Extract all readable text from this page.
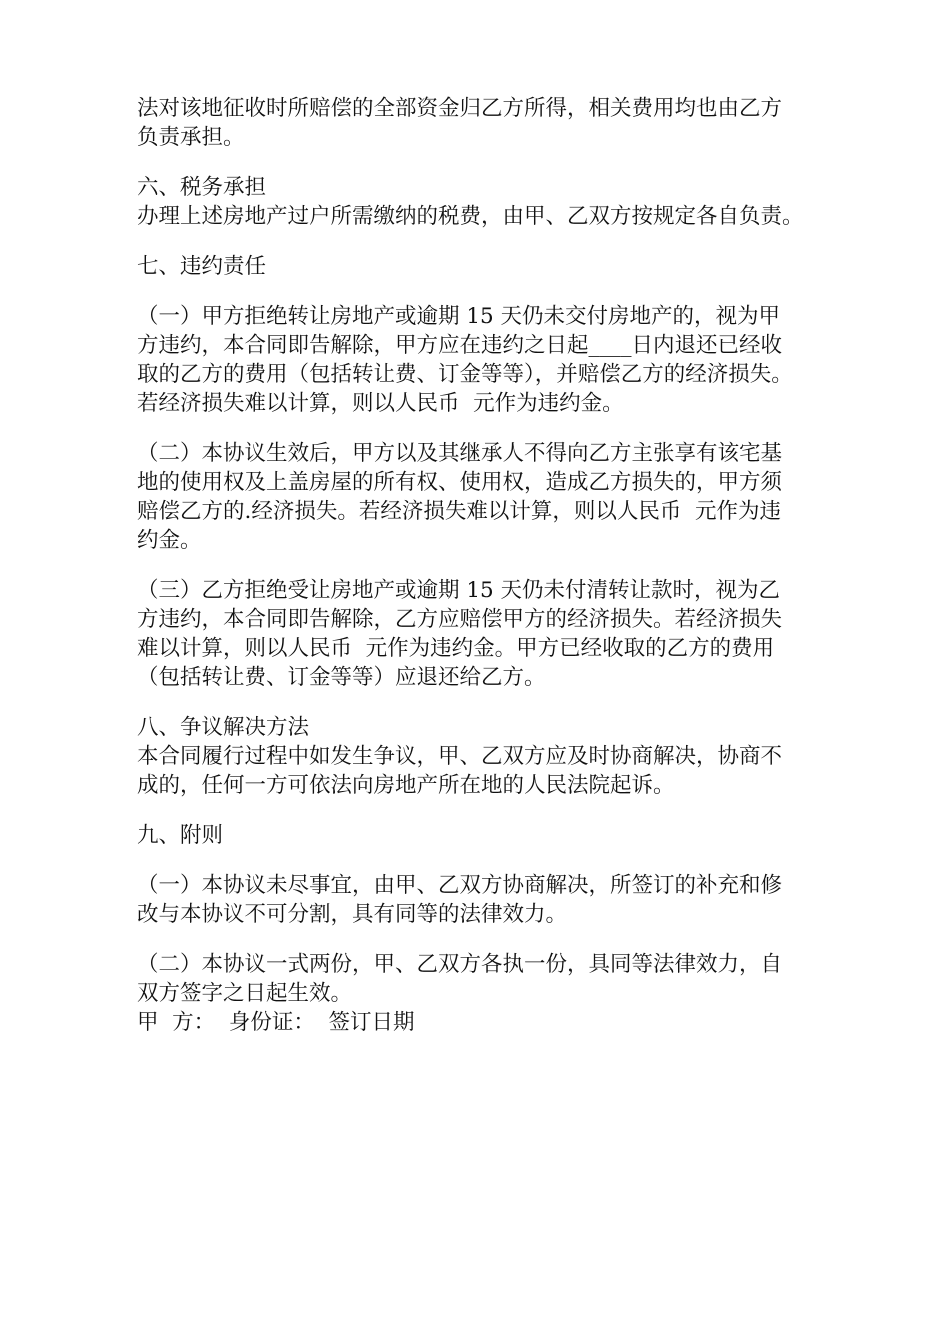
法对该地征收时所赔偿的全部资金归乙方所得，相关费用均也由乙方
负责承担。
六、税务承担
办理上述房地产过户所需缴纳的税费，由甲、乙双方按规定各自负责。
七、违约责任
（一）甲方拒绝转让房地产或逾期 15 天仍未交付房地产的，视为甲
方违约，本合同即告解除，甲方应在违约之日起____日内退还已经收
取的乙方的费用（包括转让费、订金等等），并赔偿乙方的经济损失。
若经济损失难以计算，则以人民币  元作为违约金。
（二）本协议生效后，甲方以及其继承人不得向乙方主张享有该宅基
地的使用权及上盖房屋的所有权、使用权，造成乙方损失的，甲方须
赔偿乙方的.经济损失。若经济损失难以计算，则以人民币  元作为违
约金。
（三）乙方拒绝受让房地产或逾期 15 天仍未付清转让款时，视为乙
方违约，本合同即告解除，乙方应赔偿甲方的经济损失。若经济损失
难以计算，则以人民币  元作为违约金。甲方已经收取的乙方的费用
（包括转让费、订金等等）应退还给乙方。
八、争议解决方法
本合同履行过程中如发生争议，甲、乙双方应及时协商解决，协商不
成的，任何一方可依法向房地产所在地的人民法院起诉。
九、附则
（一）本协议未尽事宜，由甲、乙双方协商解决，所签订的补充和修
改与本协议不可分割，具有同等的法律效力。
（二）本协议一式两份，甲、乙双方各执一份，具同等法律效力，自
双方签字之日起生效。
甲  方：  身份证：  签订日期
